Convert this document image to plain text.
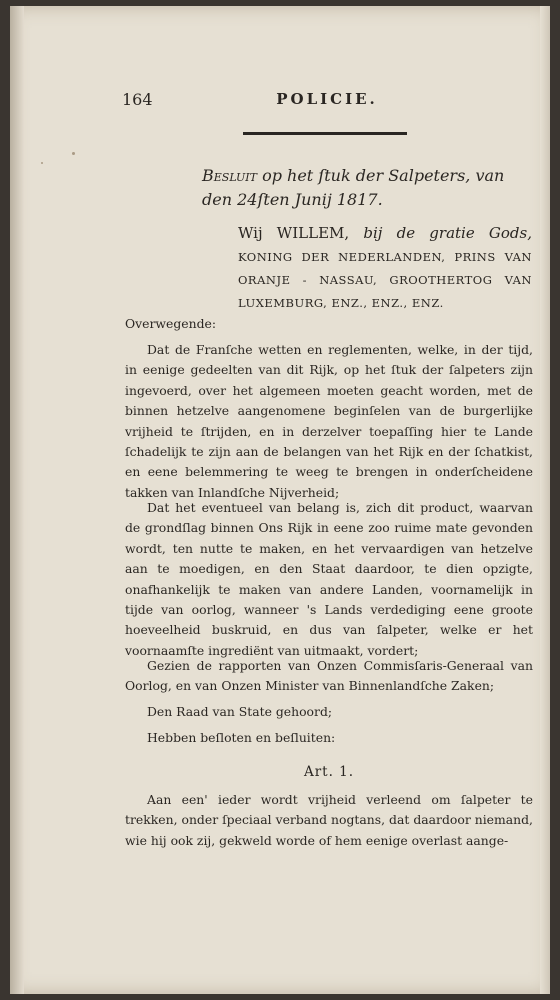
164	POLICIE.
Besluit op het ſtuk der Salpeters, van
den 24ſten Junij 1817.
Wij WILLEM, bij de gratie Gods, KONING DER NEDERLANDEN, PRINS VAN ORANJE - NASSAU, GROOTHERTOG VAN LUXEMBURG, ENZ., ENZ., ENZ.
Overwegende:
Dat de Franſche wetten en reglementen, welke, in der tijd, in eenige gedeelten van dit Rijk, op het ſtuk der ſalpeters zijn ingevoerd, over het algemeen moeten geacht worden, met de binnen hetzelve aangenomene beginſelen van de burgerlijke vrijheid te ſtrijden, en in derzelver toepaſſing hier te Lande ſchadelijk te zijn aan de belangen van het Rijk en der ſchatkist, en eene belemmering te weeg te brengen in onderſcheidene takken van Inlandſche Nijverheid;
Dat het eventueel van belang is, zich dit product, waarvan de grondſlag binnen Ons Rijk in eene zoo ruime mate gevonden wordt, ten nutte te maken, en het vervaardigen van hetzelve aan te moedigen, en den Staat daardoor, te dien opzigte, onafhankelijk te maken van andere Landen, voornamelijk in tijde van oorlog, wanneer 's Lands verdediging eene groote hoeveelheid buskruid, en dus van ſalpeter, welke er het voornaamſte ingrediënt van uitmaakt, vordert;
Gezien de rapporten van Onzen Commisſaris-Generaal van Oorlog, en van Onzen Minister van Binnenlandſche Zaken;
Den Raad van State gehoord;
Hebben beſloten en beſluiten:
Art. 1.
Aan een' ieder wordt vrijheid verleend om ſalpeter te trekken, onder ſpeciaal verband nogtans, dat daardoor niemand, wie hij ook zij, gekweld worde of hem eenige overlast aange-
